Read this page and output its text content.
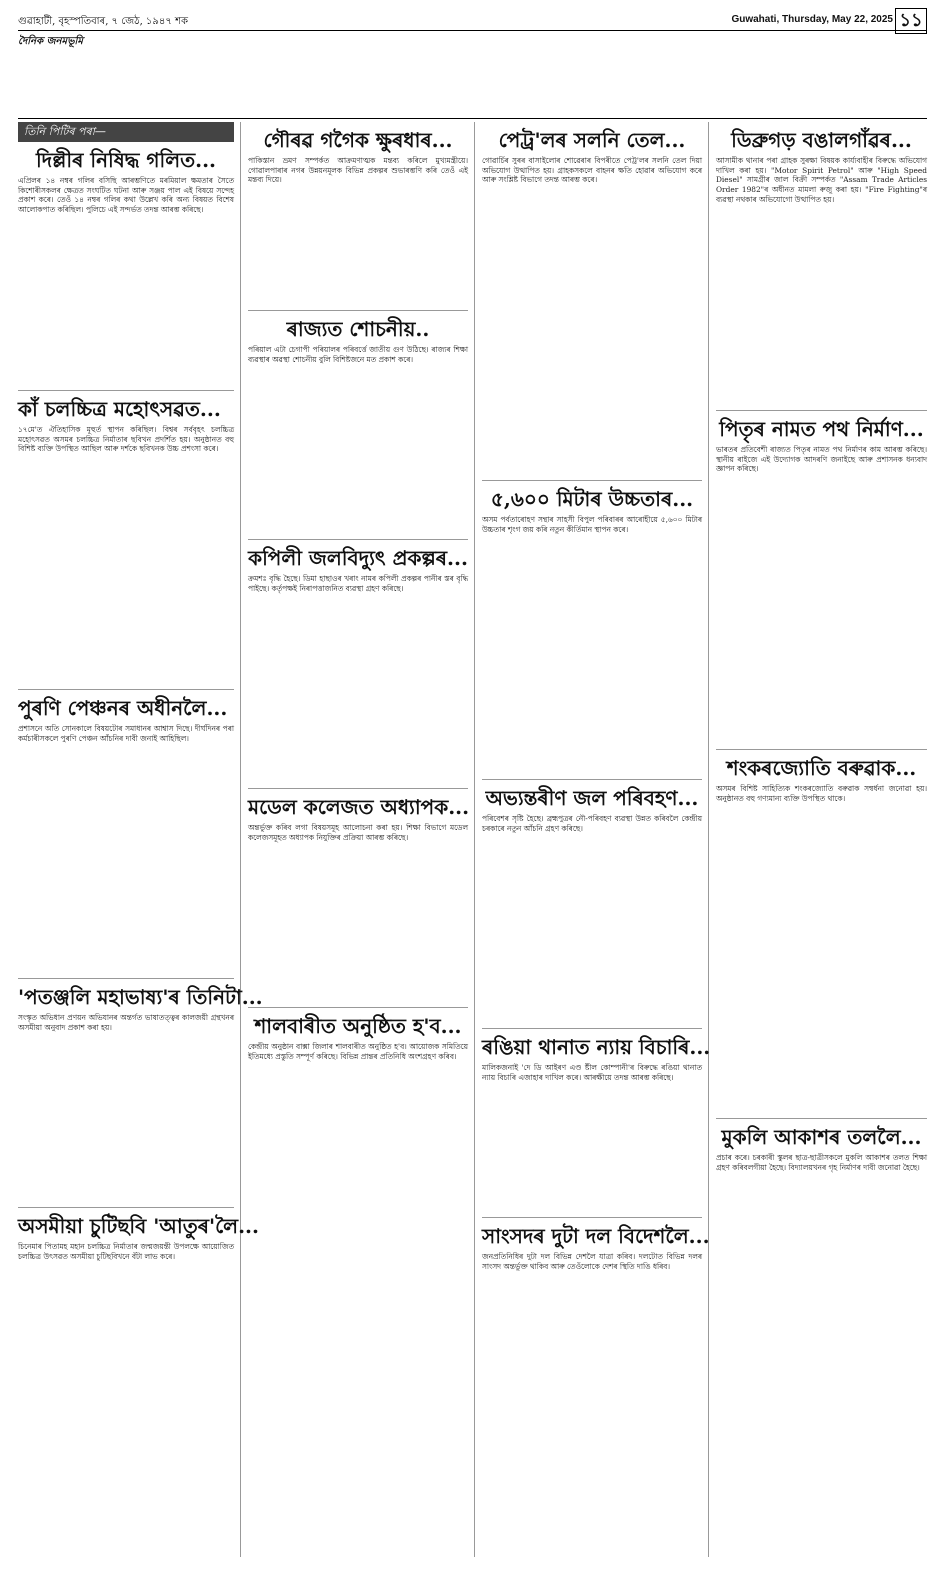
গুৱাহাটী, বৃহস্পতিবাৰ, ৭ জেঠ, ১৯৪৭ শক	Guwahati, Thursday, May 22, 2025 ১১
দৈনিক জনমভূমি
তিনি পিটিৰ পৰা—
দিল্লীৰ নিষিদ্ধ গলিত...

এপ্ৰিলৰ ১৪ নম্বৰ গলিৰ বসিছি আৰম্ভণিতে মৰমিয়াল ক্ষমতাৰ সৈতে কিশোৰীসকলৰ ক্ষেত্ৰত সংঘটিত ঘটনা আৰু সঞ্জয় পাল এই বিষয়ে সন্দেহ প্ৰকাশ কৰে। তেওঁ ১৪ নম্বৰ গলিৰ কথা উল্লেখ কৰি অন্য বিষয়ত বিশেষ আলোকপাত কৰিছিল। পুলিচে এই সন্দৰ্ভত তদন্ত আৰম্ভ কৰিছে।

কাঁ চলচ্চিত্ৰ মহোৎসৱত...

১৭মে'ত ঐতিহাসিক মূহুৰ্ত স্থাপন কৰিছিল। বিশ্বৰ সৰ্ববৃহৎ চলচ্চিত্ৰ মহোৎসৱত অসমৰ চলচ্চিত্ৰ নিৰ্মাতাৰ ছবিখন প্ৰদৰ্শিত হয়। অনুষ্ঠানত বহু বিশিষ্ট ব্যক্তি উপস্থিত আছিল আৰু দৰ্শকে ছবিখনক উচ্চ প্ৰশংসা কৰে।

পুৰণি পেঞ্চনৰ অধীনলৈ...

প্ৰশাসনে অতি সোনকালে বিষয়টোৰ সমাধানৰ আশ্বাস দিছে। দীৰ্ঘদিনৰ পৰা কৰ্মচাৰীসকলে পুৰণি পেঞ্চন আঁচনিৰ দাবী জনাই আহিছিল।

'পতঞ্জলি মহাভাষ্য'ৰ তিনিটা...

সংস্কৃত অভিধান প্ৰণয়ন অভিযানৰ অন্তৰ্গত ভাষাতত্ত্বৰ কালজয়ী গ্ৰন্থখনৰ অসমীয়া অনুবাদ প্ৰকাশ কৰা হয়।

অসমীয়া চুটিছবি 'আতুৰ'লৈ...

চিনেমাৰ পিতামহ মহান চলচ্চিত্ৰ নিৰ্মাতাৰ জন্মজয়ন্তী উপলক্ষে আয়োজিত চলচ্চিত্ৰ উৎসৱত অসমীয়া চুটিছবিখনে বঁটা লাভ কৰে।

গৌৰৱ গগৈক ক্ষুৰধাৰ...

পাকিস্তান ভ্ৰমণ সম্পৰ্কত আক্ৰমণাত্মক মন্তব্য কৰিলে মুখ্যমন্ত্ৰীয়ে। গোৱালপাৰাৰ নগৰ উন্নয়নমূলক বিভিন্ন প্ৰকল্পৰ শুভাৰম্ভণি কৰি তেওঁ এই মন্তব্য দিয়ে।

ৰাজ্যত শোচনীয়..

পৰিয়াল এটা চেগাপী পৰিয়ালৰ পৰিবৰ্ত্তে জাতীয় গুণ উঠিছে। ৰাজ্যৰ শিক্ষা ব্যৱস্থাৰ অৱস্থা শোচনীয় বুলি বিশিষ্টজনে মত প্ৰকাশ কৰে।

কপিলী জলবিদ্যুৎ প্ৰকল্পৰ...

ক্ৰমশঃ বৃদ্ধি হৈছে। ডিমা হাছাওৰ খৰাং নামৰ কপিলী প্ৰকল্পৰ পানীৰ স্তৰ বৃদ্ধি পাইছে। কৰ্তৃপক্ষই নিৰাপত্তাজনিত ব্যৱস্থা গ্ৰহণ কৰিছে।

মডেল কলেজত অধ্যাপক...

অন্তৰ্ভুক্ত কৰিব লগা বিষয়সমূহ আলোচনা কৰা হয়। শিক্ষা বিভাগে মডেল কলেজসমূহত অধ্যাপক নিযুক্তিৰ প্ৰক্ৰিয়া আৰম্ভ কৰিছে।

শালবাৰীত অনুষ্ঠিত হ'ব...

কেন্দ্ৰীয় অনুষ্ঠান বাক্সা জিলাৰ শালবাৰীত অনুষ্ঠিত হ'ব। আয়োজক সমিতিয়ে ইতিমধ্যে প্ৰস্তুতি সম্পূৰ্ণ কৰিছে। বিভিন্ন প্ৰান্তৰ প্ৰতিনিধি অংশগ্ৰহণ কৰিব।

পেট্ৰ'লৰ সলনি তেল...

গোৱাৰ্চিৰ সুৰৰ বাসাইলোৰ শোৱেৰাৰ বিপৰীতে পেট্ৰ'লৰ সলনি তেল দিয়া অভিযোগ উত্থাপিত হয়। গ্ৰাহকসকলে বাহনৰ ক্ষতি হোৱাৰ অভিযোগ কৰে আৰু সংশ্লিষ্ট বিভাগে তদন্ত আৰম্ভ কৰে।

৫,৬০০ মিটাৰ উচ্চতাৰ...

অসম পৰ্বতাৰোহণ সন্থাৰ সাহসী বিপুল পৰিবাৰৰ আৰোহীয়ে ৫,৬০০ মিটাৰ উচ্চতাৰ শৃংগ জয় কৰি নতুন কীৰ্তিমান স্থাপন কৰে।

অভ্যন্তৰীণ জল পৰিবহণ...

পৰিবেশৰ সৃষ্টি হৈছে। ব্ৰহ্মপুত্ৰৰ নৌ-পৰিবহণ ব্যৱস্থা উন্নত কৰিবলৈ কেন্দ্ৰীয় চৰকাৰে নতুন আঁচনি গ্ৰহণ কৰিছে।

ৰঙিয়া থানাত ন্যায় বিচাৰি...

মালিকজনাই 'দে ডি আইৰণ এণ্ড ষ্টীল কোম্পানী'ৰ বিৰুদ্ধে ৰঙিয়া থানাত ন্যায় বিচাৰি এজাহাৰ দাখিল কৰে। আৰক্ষীয়ে তদন্ত আৰম্ভ কৰিছে।

সাংসদৰ দুটা দল বিদেশলৈ...

জনপ্ৰতিনিধিৰ দুটা দল বিভিন্ন দেশলৈ যাত্ৰা কৰিব। দলটোত বিভিন্ন দলৰ সাংসদ অন্তৰ্ভুক্ত থাকিব আৰু তেওঁলোকে দেশৰ স্থিতি দাঙি ধৰিব।

ডিব্ৰুগড় বঙালগাঁৱৰ...

আসামীক থানাৰ পৰা গ্ৰাহক সুৰক্ষা বিষয়ক কাৰ্য্যবাহীৰ বিৰুদ্ধে অভিযোগ দাখিল কৰা হয়। "Motor Spirit Petrol" আৰু "High Speed Diesel" সামগ্ৰীৰ জাল বিক্ৰী সম্পৰ্কত "Assam Trade Articles Order 1982"ৰ অধীনত মামলা ৰুজু কৰা হয়। "Fire Fighting"ৰ ব্যৱস্থা নথকাৰ অভিযোগো উত্থাপিত হয়।

পিতৃৰ নামত পথ নিৰ্মাণ...

ভাৰতৰ প্ৰতিবেশী ৰাজ্যত পিতৃৰ নামত পথ নিৰ্মাণৰ কাম আৰম্ভ কৰিছে। স্থানীয় ৰাইজে এই উদ্যোগক আদৰণি জনাইছে আৰু প্ৰশাসনক ধন্যবাদ জ্ঞাপন কৰিছে।

শংকৰজ্যোতি বৰুৱাক...

অসমৰ বিশিষ্ট সাহিত্যিক শংকৰজ্যোতি বৰুৱাক সম্বৰ্ধনা জনোৱা হয়। অনুষ্ঠানত বহু গণ্যমান্য ব্যক্তি উপস্থিত থাকে।

মুকলি আকাশৰ তললৈ...

প্ৰচাৰ কৰে। চৰকাৰী স্কুলৰ ছাত্ৰ-ছাত্ৰীসকলে মুকলি আকাশৰ তলত শিক্ষা গ্ৰহণ কৰিবলগীয়া হৈছে। বিদ্যালয়খনৰ গৃহ নিৰ্মাণৰ দাবী জনোৱা হৈছে।
